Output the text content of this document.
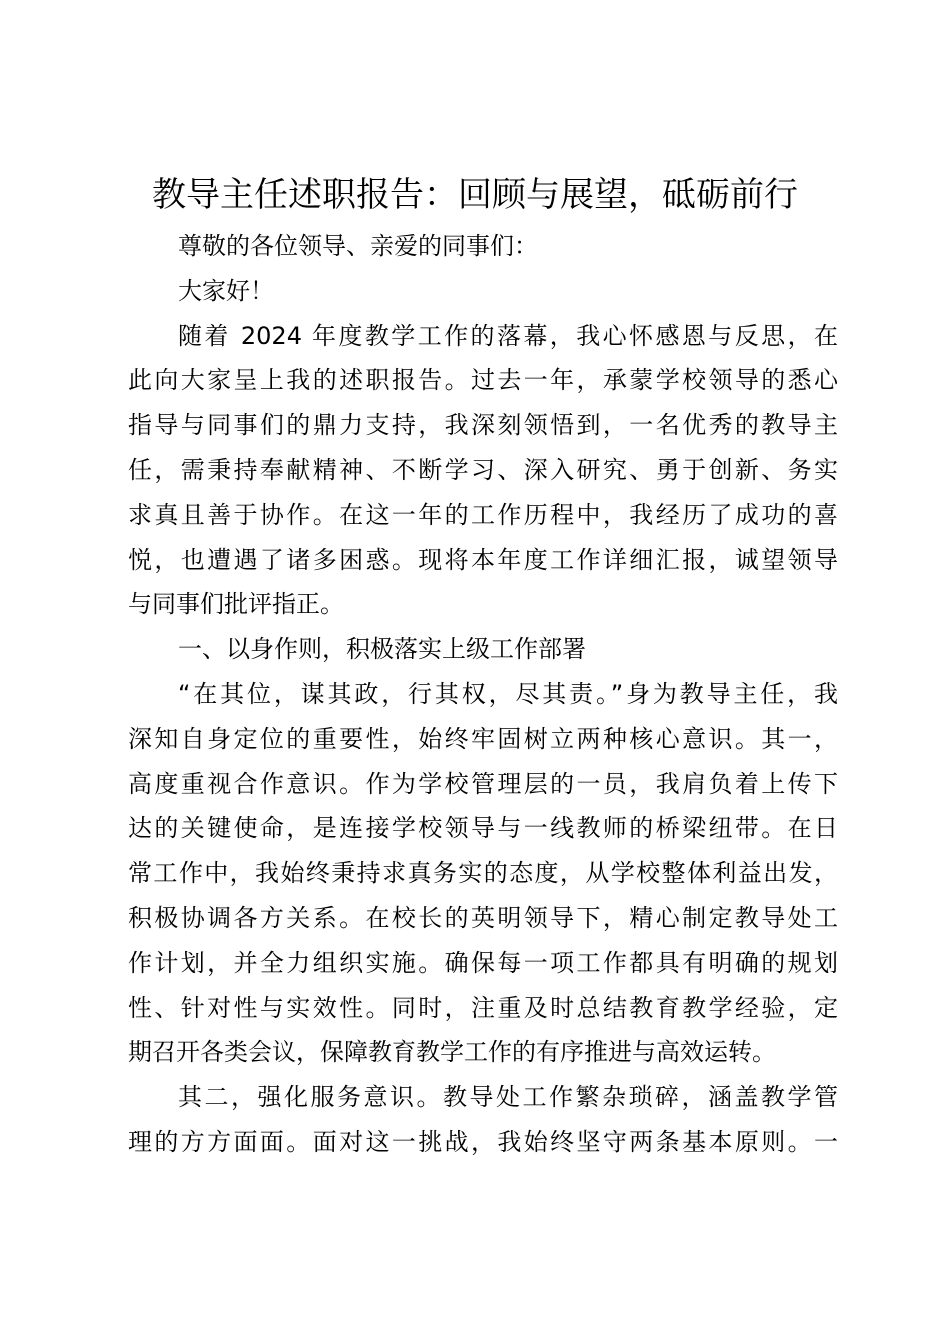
教导主任述职报告：回顾与展望，砥砺前行
尊敬的各位领导、亲爱的同事们：
大家好！
随着 2024 年度教学工作的落幕，我心怀感恩与反思，在
此向大家呈上我的述职报告。过去一年，承蒙学校领导的悉心
指导与同事们的鼎力支持，我深刻领悟到，一名优秀的教导主
任，需秉持奉献精神、不断学习、深入研究、勇于创新、务实
求真且善于协作。在这一年的工作历程中，我经历了成功的喜
悦，也遭遇了诸多困惑。现将本年度工作详细汇报，诚望领导
与同事们批评指正。
一、以身作则，积极落实上级工作部署
“在其位，谋其政，行其权，尽其责。”身为教导主任，我
深知自身定位的重要性，始终牢固树立两种核心意识。其一，
高度重视合作意识。作为学校管理层的一员，我肩负着上传下
达的关键使命，是连接学校领导与一线教师的桥梁纽带。在日
常工作中，我始终秉持求真务实的态度，从学校整体利益出发，
积极协调各方关系。在校长的英明领导下，精心制定教导处工
作计划，并全力组织实施。确保每一项工作都具有明确的规划
性、针对性与实效性。同时，注重及时总结教育教学经验，定
期召开各类会议，保障教育教学工作的有序推进与高效运转。
其二，强化服务意识。教导处工作繁杂琐碎，涵盖教学管
理的方方面面。面对这一挑战，我始终坚守两条基本原则。一
